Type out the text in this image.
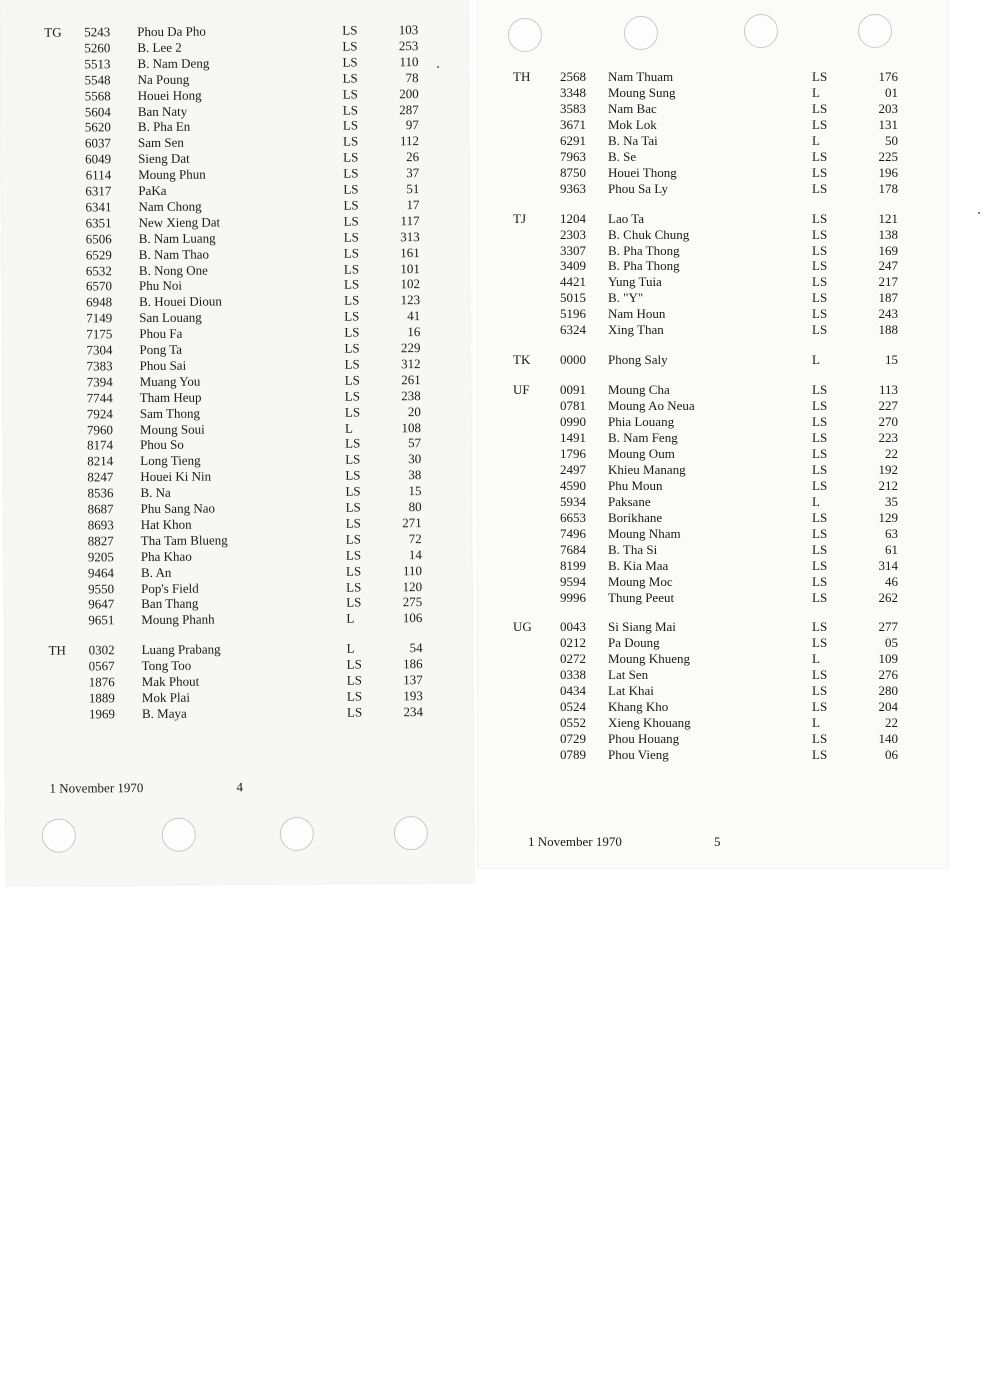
TG	5243 Phou Da Pho	LS	103
5260 B. Lee 2	LS	253
5513 B. Nam Deng	LS	110
5548 Na Poung	LS	78
5568 Houei Hong	LS	200
5604 Ban Naty	LS	287
5620 B. Pha En	LS	97
6037 Sam Sen	LS	112
6049 Sieng Dat	LS	26
6114 Moung Phun	LS	37
6317 PaKa	LS	51
6341 Nam Chong	LS	17
6351 New Xieng Dat	LS	117
6506 B. Nam Luang	LS	313
6529 B. Nam Thao	LS	161
6532 B. Nong One	LS	101
6570 Phu Noi	LS	102
6948 B. Houei Dioun	LS	123
7149 San Louang	LS	41
7175 Phou Fa	LS	16
7304 Pong Ta	LS	229
7383 Phou Sai	LS	312
7394 Muang You	LS	261
7744 Tham Heup	LS	238
7924 Sam Thong	LS	20
7960 Moung Soui	L	108
8174 Phou So	LS	57
8214 Long Tieng	LS	30
8247 Houei Ki Nin	LS	38
8536 B. Na	LS	15
8687 Phu Sang Nao	LS	80
8693 Hat Khon	LS	271
8827 Tha Tam Blueng	LS	72
9205 Pha Khao	LS	14
9464 B. An	LS	110
9550 Pop's Field	LS	120
9647 Ban Thang	LS	275
9651 Moung Phanh	L	106
TH	0302 Luang Prabang	L	54
0567 Tong Too	LS	186
1876 Mak Phout	LS	137
1889 Mok Plai	LS	193
1969 B. Maya	LS	234
1 November 1970	4
TH	2568 Nam Thuam	LS	176
3348 Moung Sung	L	01
3583 Nam Bac	LS	203
3671 Mok Lok	LS	131
6291 B. Na Tai	L	50
7963 B. Se	LS	225
8750 Houei Thong	LS	196
9363 Phou Sa Ly	LS	178
TJ	1204 Lao Ta	LS	121
2303 B. Chuk Chung	LS	138
3307 B. Pha Thong	LS	169
3409 B. Pha Thong	LS	247
4421 Yung Tuia	LS	217
5015 B. "Y"	LS	187
5196 Nam Houn	LS	243
6324 Xing Than	LS	188
TK	0000 Phong Saly	L	15
UF	0091 Moung Cha	LS	113
0781 Moung Ao Neua	LS	227
0990 Phia Louang	LS	270
1491 B. Nam Feng	LS	223
1796 Moung Oum	LS	22
2497 Khieu Manang	LS	192
4590 Phu Moun	LS	212
5934 Paksane	L	35
6653 Borikhane	LS	129
7496 Moung Nham	LS	63
7684 B. Tha Si	LS	61
8199 B. Kia Maa	LS	314
9594 Moung Moc	LS	46
9996 Thung Peeut	LS	262
UG	0043 Si Siang Mai	LS	277
0212 Pa Doung	LS	05
0272 Moung Khueng	L	109
0338 Lat Sen	LS	276
0434 Lat Khai	LS	280
0524 Khang Kho	LS	204
0552 Xieng Khouang	L	22
0729 Phou Houang	LS	140
0789 Phou Vieng	LS	06
1 November 1970	5
